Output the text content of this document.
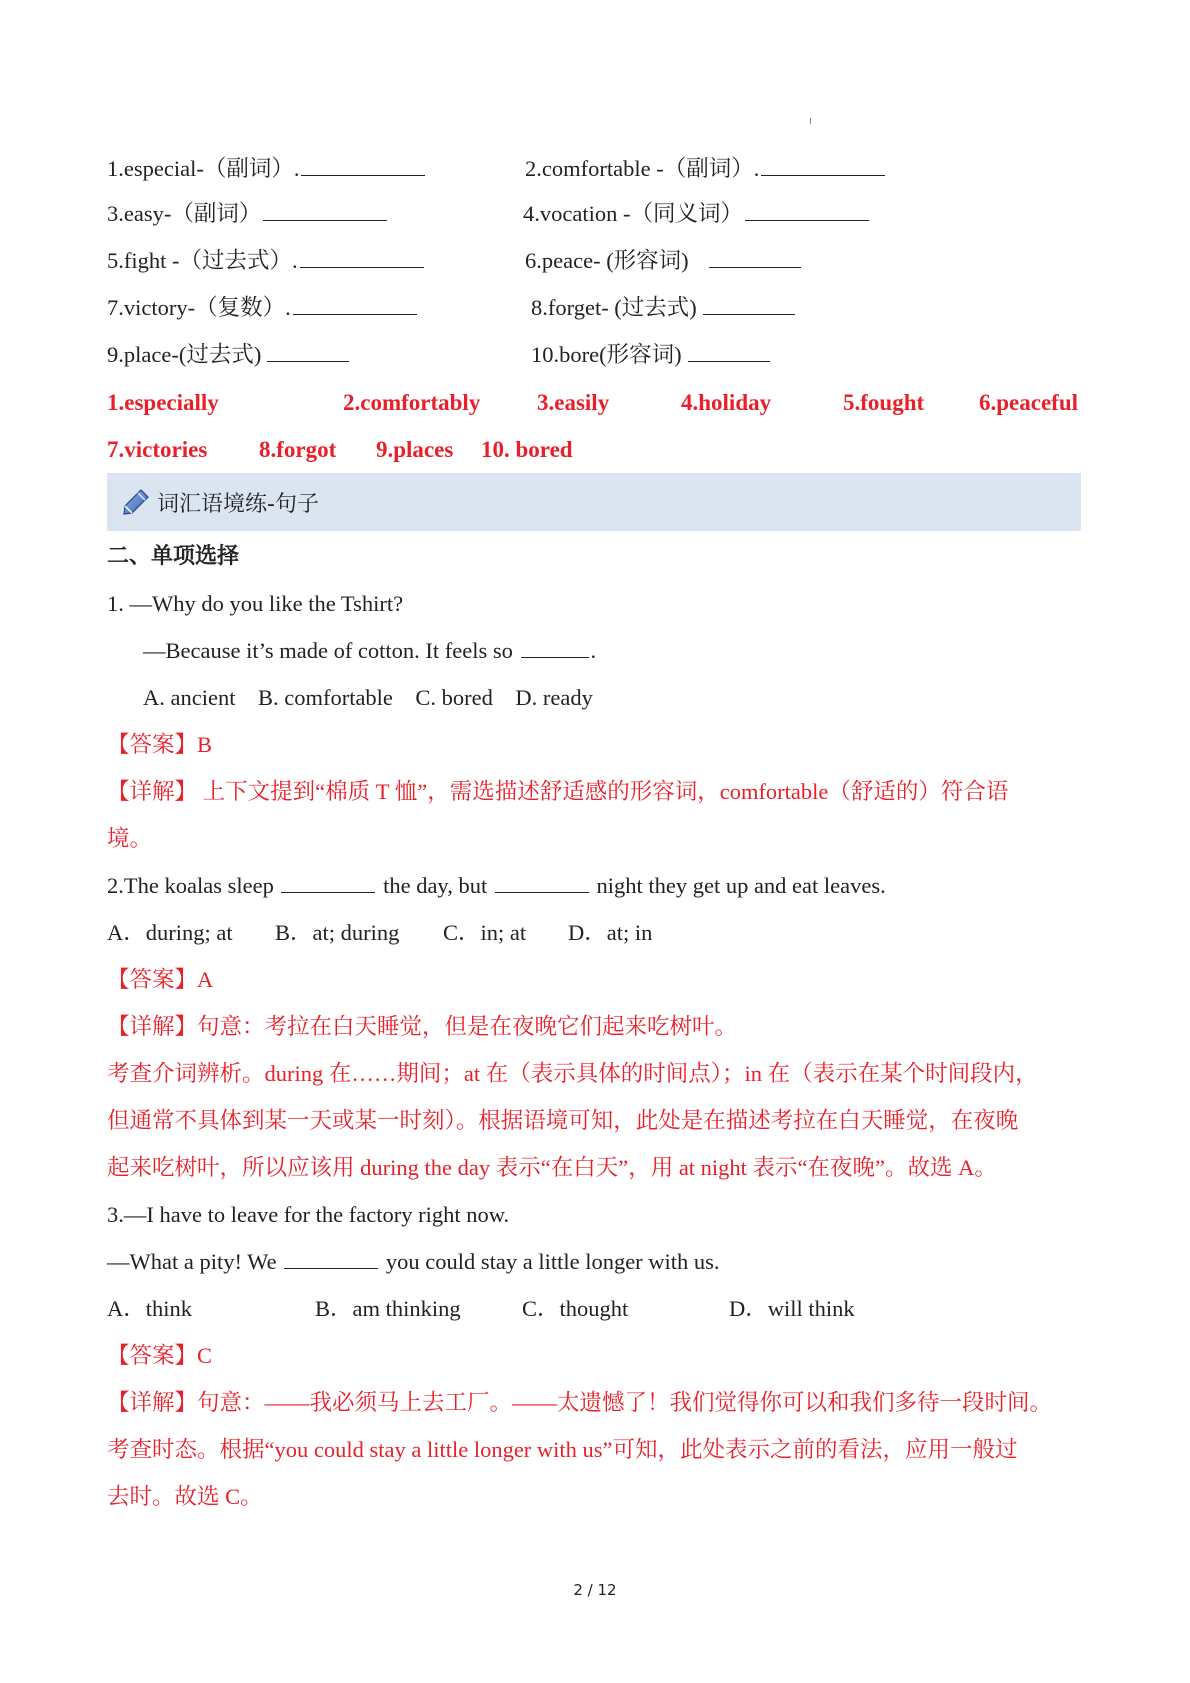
1.especial-（副词）.	2.comfortable -（副词）.
3.easy-（副词）	4.vocation -（同义词）
5.fight -（过去式）.	6.peace- (形容词)
7.victory-（复数）.	8.forget- (过去式)
9.place-(过去式)	10.bore(形容词)
1.especially	2.comfortably 3.easily	4.holiday	5.fought 6.peaceful
7.victories 8.forgot 9.places 10. bored
词汇语境练-句子
二、单项选择
1. —Why do you like the Tshirt?
—Because it’s made of cotton. It feels so	.
A. ancient    B. comfortable    C. bored    D. ready
【答案】B
【详解】 上下文提到“棉质 T 恤”，需选描述舒适感的形容词，comfortable（舒适的）符合语
境。
2.The koalas sleep	the day, but	night they get up and eat leaves.
A．during; at B．at; during C．in; at D．at; in
【答案】A
【详解】句意：考拉在白天睡觉，但是在夜晚它们起来吃树叶。
考查介词辨析。during 在……期间；at 在（表示具体的时间点）；in 在（表示在某个时间段内，
但通常不具体到某一天或某一时刻）。根据语境可知，此处是在描述考拉在白天睡觉，在夜晚
起来吃树叶，所以应该用 during the day 表示“在白天”，用 at night 表示“在夜晚”。故选 A。
3.—I have to leave for the factory right now.
—What a pity! We	you could stay a little longer with us.
A．think	B．am thinking	C．thought	D．will think
【答案】C
【详解】句意：——我必须马上去工厂。——太遗憾了！我们觉得你可以和我们多待一段时间。
考查时态。根据“you could stay a little longer with us”可知，此处表示之前的看法，应用一般过
去时。故选 C。
2 / 12
